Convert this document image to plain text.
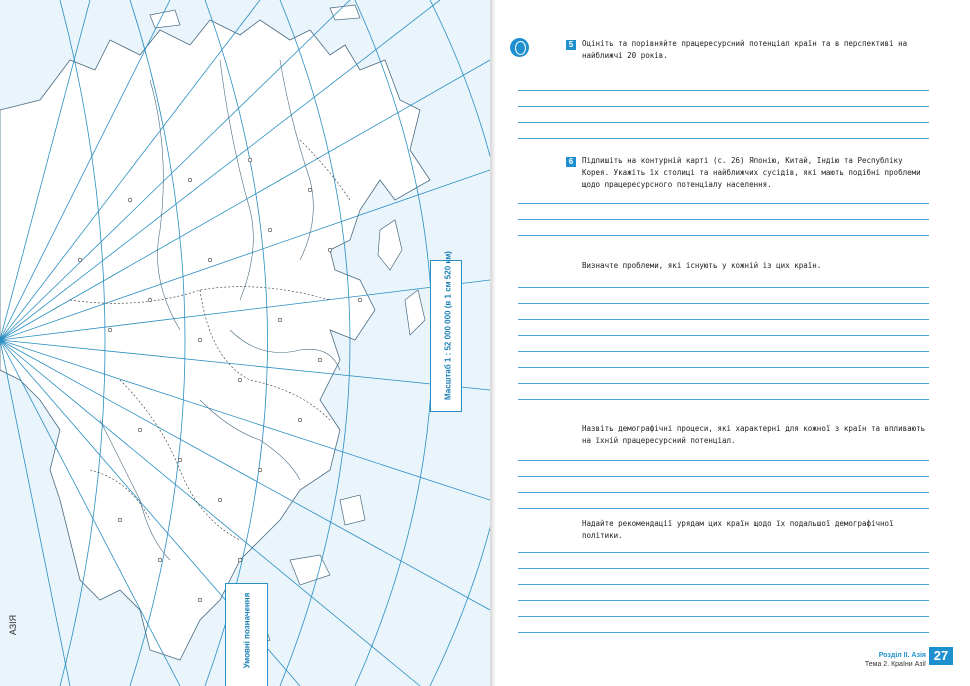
Масштаб 1 : 52 000 000 (в 1 см 520 км)
Умовні позначення
АЗІЯ
5	Оцініть та порівняйте працересурсний потенціал країн та в перспективі на найближчі 20 років.
6	Підпишіть на контурній карті (с. 26) Японію, Китай, Індію та Республіку Корея. Укажіть їх столиці та найближчих сусідів, які мають подібні проблеми щодо працересурсного потенціалу населення.
Визначте проблеми, які існують у кожній із цих країн.
Назвіть демографічні процеси, які характерні для кожної з країн та впливають на їхній працересурсний потенціал.
Надайте рекомендації урядам цих країн щодо їх подальшої демографічної політики.
Розділ II. Азія
Тема 2. Країни Азії
27
